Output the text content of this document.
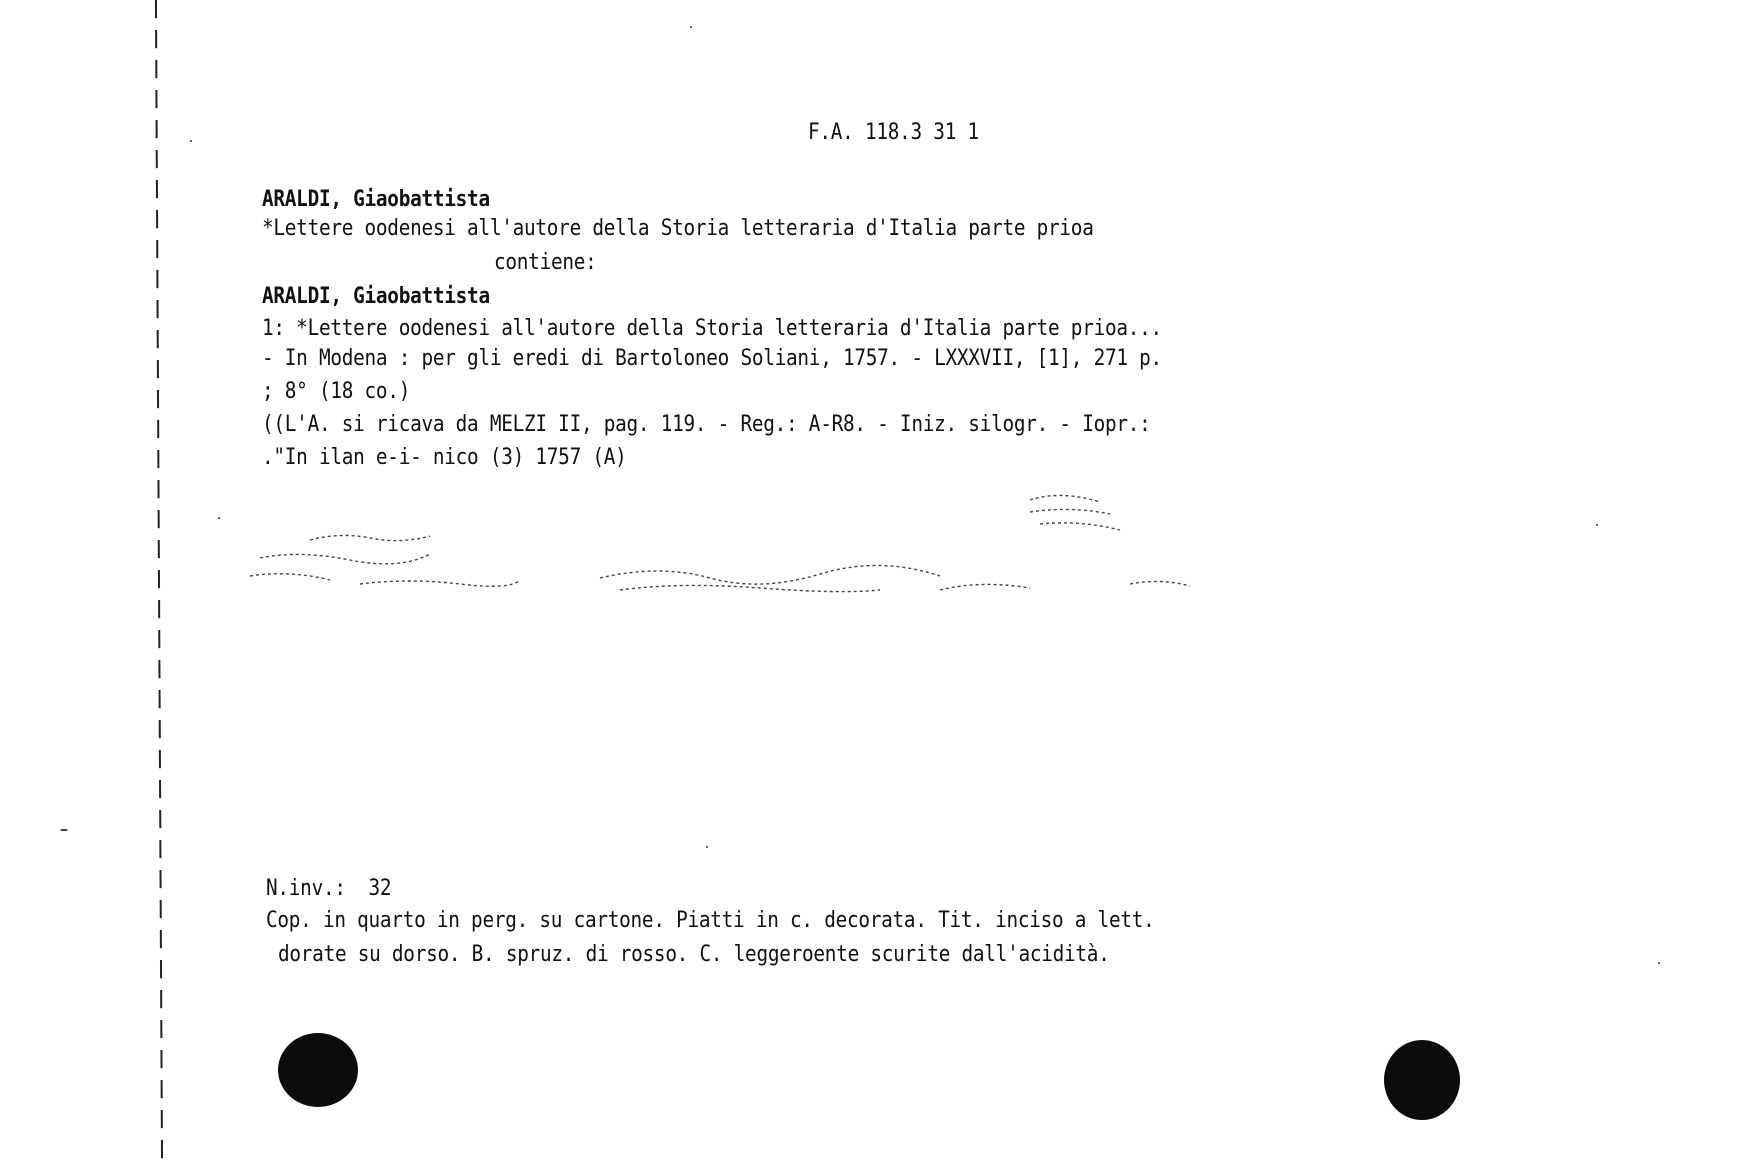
F.A. 118.3 31 1
ARALDI, Giaobattista
*Lettere oodenesi all'autore della Storia letteraria d'Italia parte prioa
contiene:
ARALDI, Giaobattista
1: *Lettere oodenesi all'autore della Storia letteraria d'Italia parte prioa...
- In Modena : per gli eredi di Bartoloneo Soliani, 1757. - LXXXVII, [1], 271 p.
; 8° (18 co.)
((L'A. si ricava da MELZI II, pag. 119. - Reg.: A-R8. - Iniz. silogr. - Iopr.:
."In ilan e-i- nico (3) 1757 (A)
N.inv.:  32
Cop. in quarto in perg. su cartone. Piatti in c. decorata. Tit. inciso a lett.
dorate su dorso. B. spruz. di rosso. C. leggeroente scurite dall'acidità.
